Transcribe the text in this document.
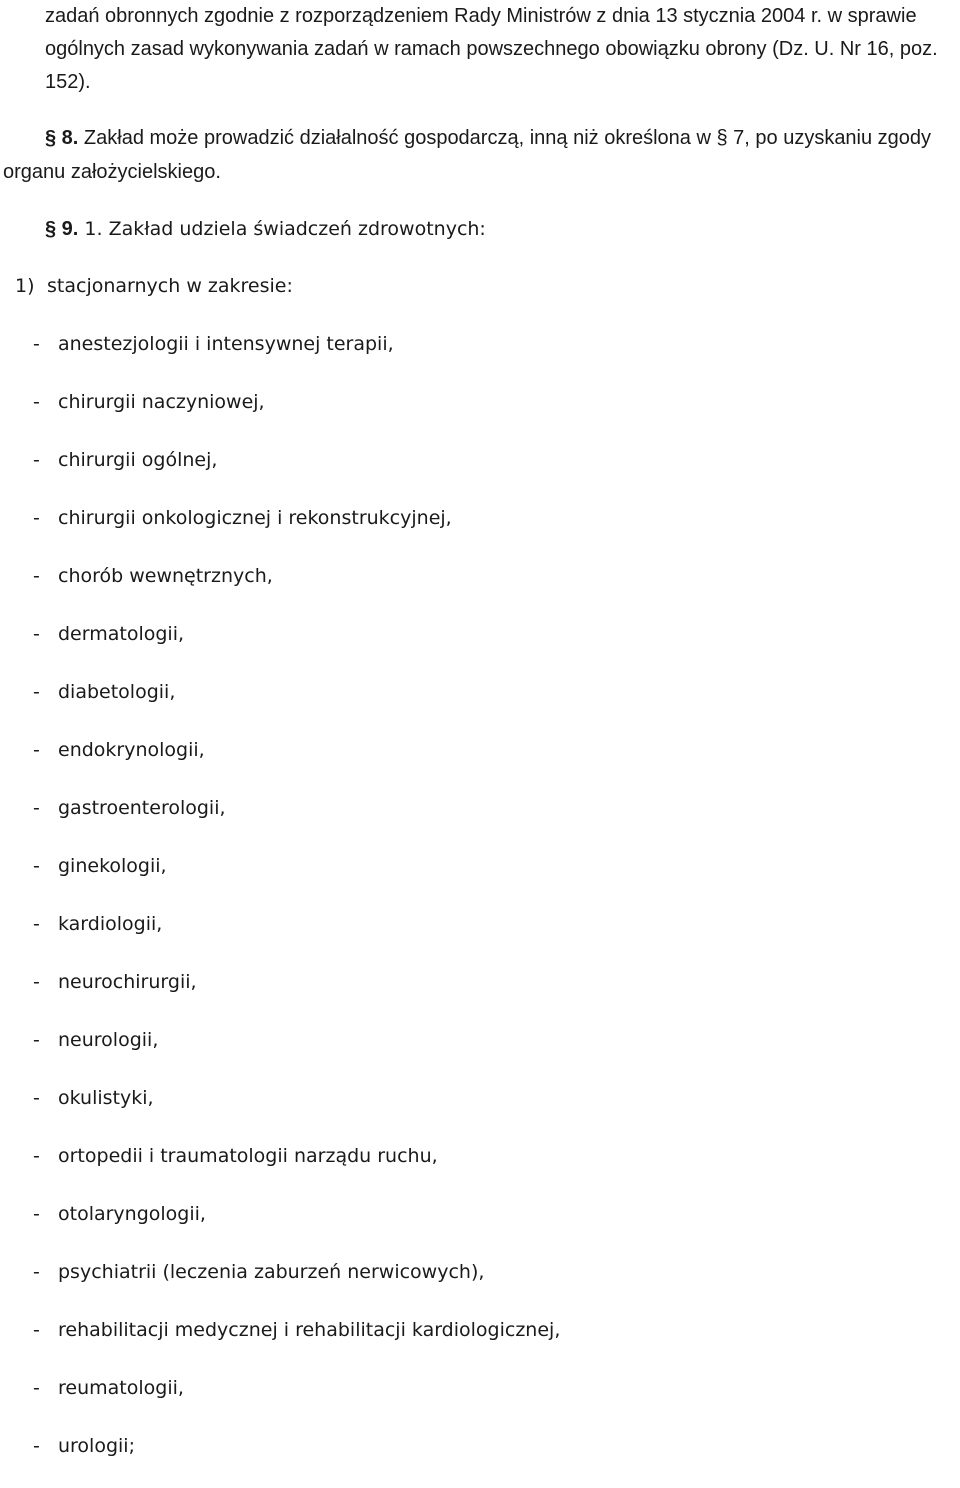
zadań obronnych zgodnie z rozporządzeniem Rady Ministrów z dnia 13 stycznia 2004 r. w sprawie ogólnych zasad wykonywania zadań w ramach powszechnego obowiązku obrony (Dz. U. Nr 16, poz. 152).

§ 8. Zakład może prowadzić działalność gospodarczą, inną niż określona w § 7, po uzyskaniu zgody organu założycielskiego.

§ 9. 1. Zakład udziela świadczeń zdrowotnych:

1) stacjonarnych w zakresie:

- anestezjologii i intensywnej terapii,
- chirurgii naczyniowej,
- chirurgii ogólnej,
- chirurgii onkologicznej i rekonstrukcyjnej,
- chorób wewnętrznych,
- dermatologii,
- diabetologii,
- endokrynologii,
- gastroenterologii,
- ginekologii,
- kardiologii,
- neurochirurgii,
- neurologii,
- okulistyki,
- ortopedii i traumatologii narządu ruchu,
- otolaryngologii,
- psychiatrii (leczenia zaburzeń nerwicowych),
- rehabilitacji medycznej i rehabilitacji kardiologicznej,
- reumatologii,
- urologii;
